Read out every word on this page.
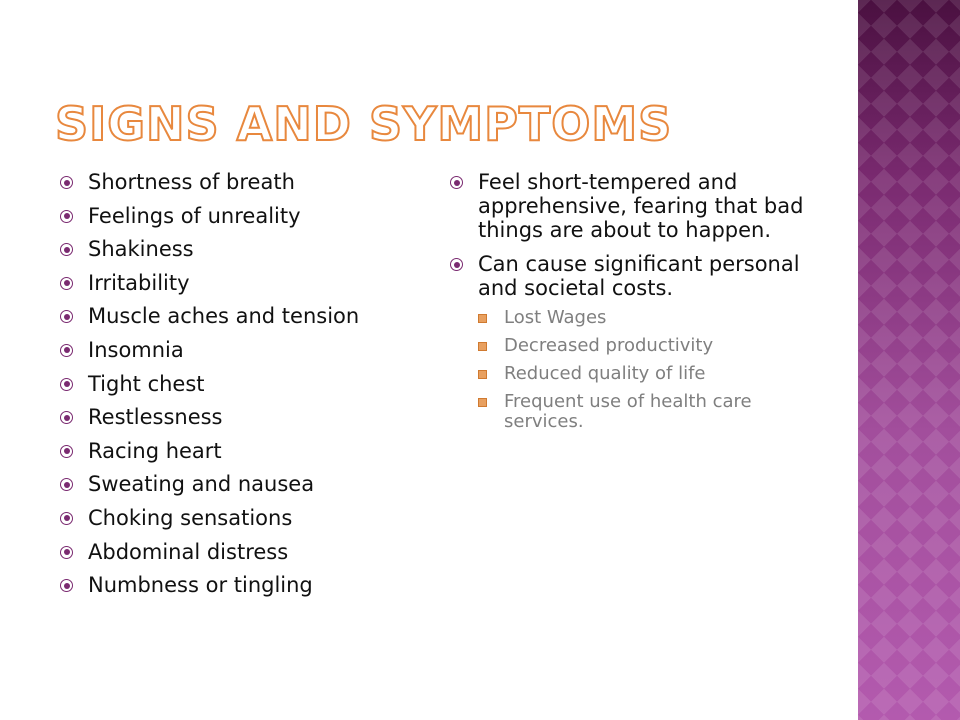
SIGNS AND SYMPTOMS
Shortness of breath
Feelings of unreality
Shakiness
Irritability
Muscle aches and tension
Insomnia
Tight chest
Restlessness
Racing heart
Sweating and nausea
Choking sensations
Abdominal distress
Numbness or tingling
Feel short-tempered and apprehensive, fearing that bad things are about to happen.
Can cause significant personal and societal costs.
Lost Wages
Decreased productivity
Reduced quality of life
Frequent use of health care services.
